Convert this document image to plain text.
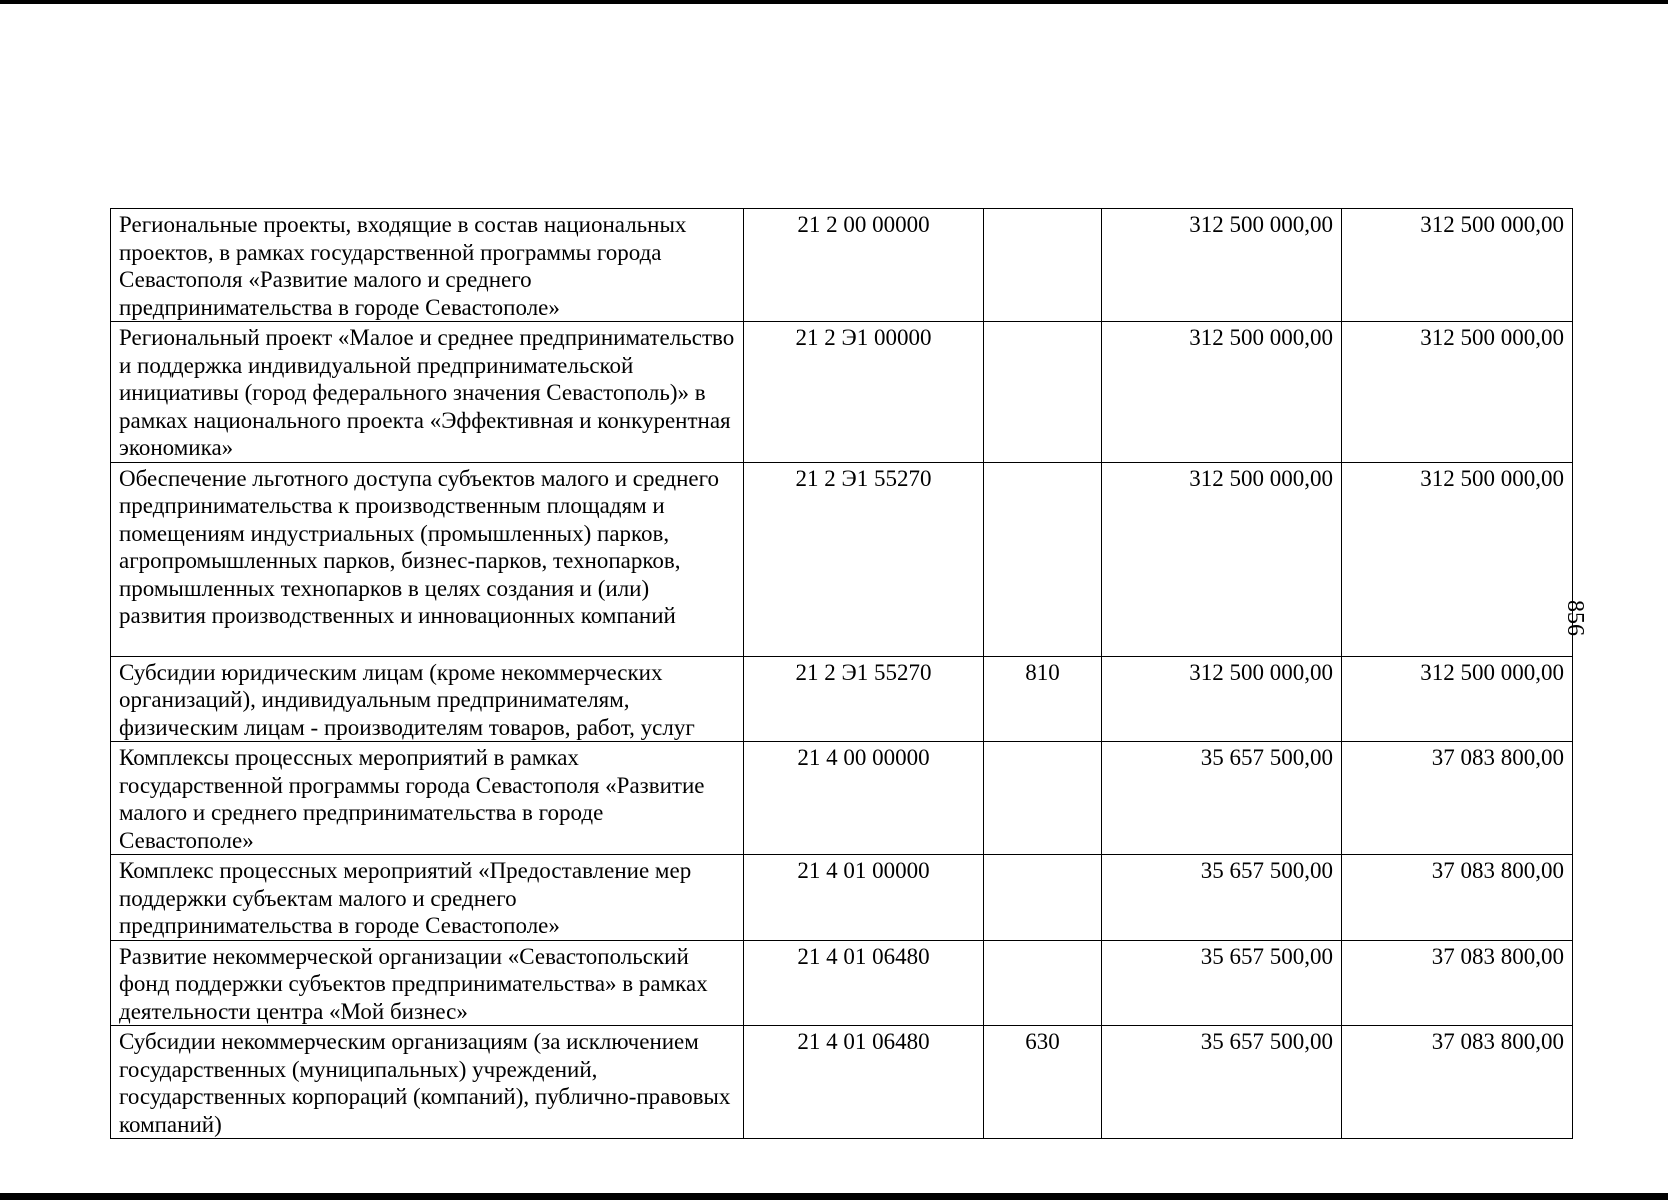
Региональные проекты, входящие в состав национальных проектов, в рамках государственной программы города Севастополя «Развитие малого и среднего предпринимательства в городе Севастополе»	21 2 00 00000		312 500 000,00	312 500 000,00
Региональный проект «Малое и среднее предпринимательство и поддержка индивидуальной предпринимательской инициативы (город федерального значения Севастополь)» в рамках национального проекта «Эффективная и конкурентная экономика»	21 2 Э1 00000		312 500 000,00	312 500 000,00
Обеспечение льготного доступа субъектов малого и среднего предпринимательства к производственным площадям и помещениям индустриальных (промышленных) парков, агропромышленных парков, бизнес-парков, технопарков, промышленных технопарков в целях создания и (или) развития производственных и инновационных компаний	21 2 Э1 55270		312 500 000,00	312 500 000,00
Субсидии юридическим лицам (кроме некоммерческих организаций), индивидуальным предпринимателям, физическим лицам - производителям товаров, работ, услуг	21 2 Э1 55270	810	312 500 000,00	312 500 000,00
Комплексы процессных мероприятий в рамках государственной программы города Севастополя «Развитие малого и среднего предпринимательства в городе Севастополе»	21 4 00 00000		35 657 500,00	37 083 800,00
Комплекс процессных мероприятий «Предоставление мер поддержки субъектам малого и среднего предпринимательства в городе Севастополе»	21 4 01 00000		35 657 500,00	37 083 800,00
Развитие некоммерческой организации «Севастопольский фонд поддержки субъектов предпринимательства» в рамках деятельности центра «Мой бизнес»	21 4 01 06480		35 657 500,00	37 083 800,00
Субсидии некоммерческим организациям (за исключением государственных (муниципальных) учреждений, государственных корпораций (компаний), публично-правовых компаний)	21 4 01 06480	630	35 657 500,00	37 083 800,00
856
